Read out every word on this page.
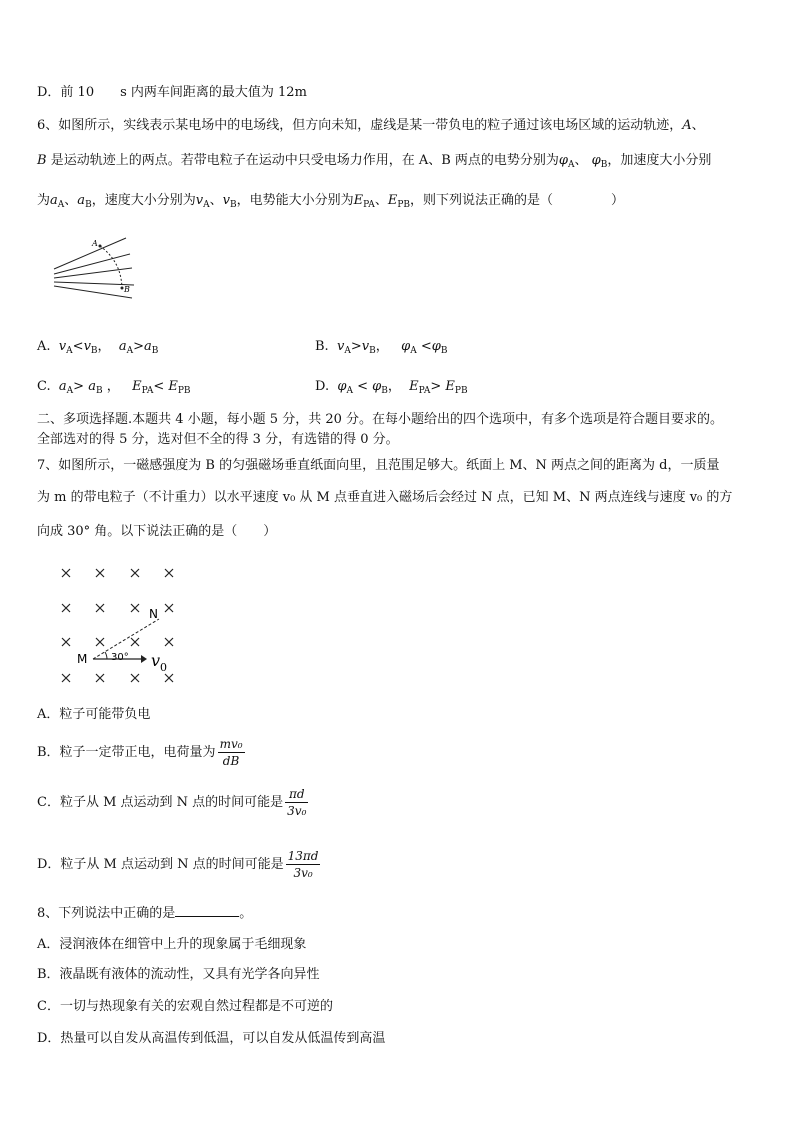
D．前 10　　s 内两车间距离的最大值为 12m
6、如图所示，实线表示某电场中的电场线，但方向未知，虚线是某一带负电的粒子通过该电场区域的运动轨迹，A、
B 是运动轨迹上的两点。若带电粒子在运动中只受电场力作用，在 A、B 两点的电势分别为$\varphi_A$、 $\varphi_B$，加速度大小分别
为$a_A$、$a_B$，速度大小分别为$v_A$、$v_B$，电势能大小分别为$E_{PA}$、$E_{PB}$，则下列说法正确的是（	）
A
B
A. $v_A<v_B$，  $a_A>a_B$	B. $v_A>v_B$，   $\varphi_A <\varphi_B$
C. $a_A> a_B$ ，   $E_{PA}< E_{PB}$	D. $\varphi_A < \varphi_B$，  $E_{PA}> E_{PB}$
二、多项选择题.本题共 4 小题，每小题 5 分，共 20 分。在每小题给出的四个选项中，有多个选项是符合题目要求的。
全部选对的得 5 分，选对但不全的得 3 分，有选错的得 0 分。
7、如图所示，一磁感强度为 B 的匀强磁场垂直纸面向里，且范围足够大。纸面上 M、N 两点之间的距离为 d，一质量
为 m 的带电粒子（不计重力）以水平速度 v₀ 从 M 点垂直进入磁场后会经过 N 点，已知 M、N 两点连线与速度 v₀ 的方
向成 30° 角。以下说法正确的是（　　）
M
N
30° v 0
A．粒子可能带负电
B．粒子一定带正电，电荷量为 $\frac{\text{mv₀}}{dB}$
C．粒子从 M 点运动到 N 点的时间可能是 $\frac{\pi d}{\text{3v₀}}$
D．粒子从 M 点运动到 N 点的时间可能是 $\frac{13\pi d}{\text{3v₀}}$
8、下列说法中正确的是	。
A．浸润液体在细管中上升的现象属于毛细现象
B．液晶既有液体的流动性，又具有光学各向异性
C．一切与热现象有关的宏观自然过程都是不可逆的
D．热量可以自发从高温传到低温，可以自发从低温传到高温
